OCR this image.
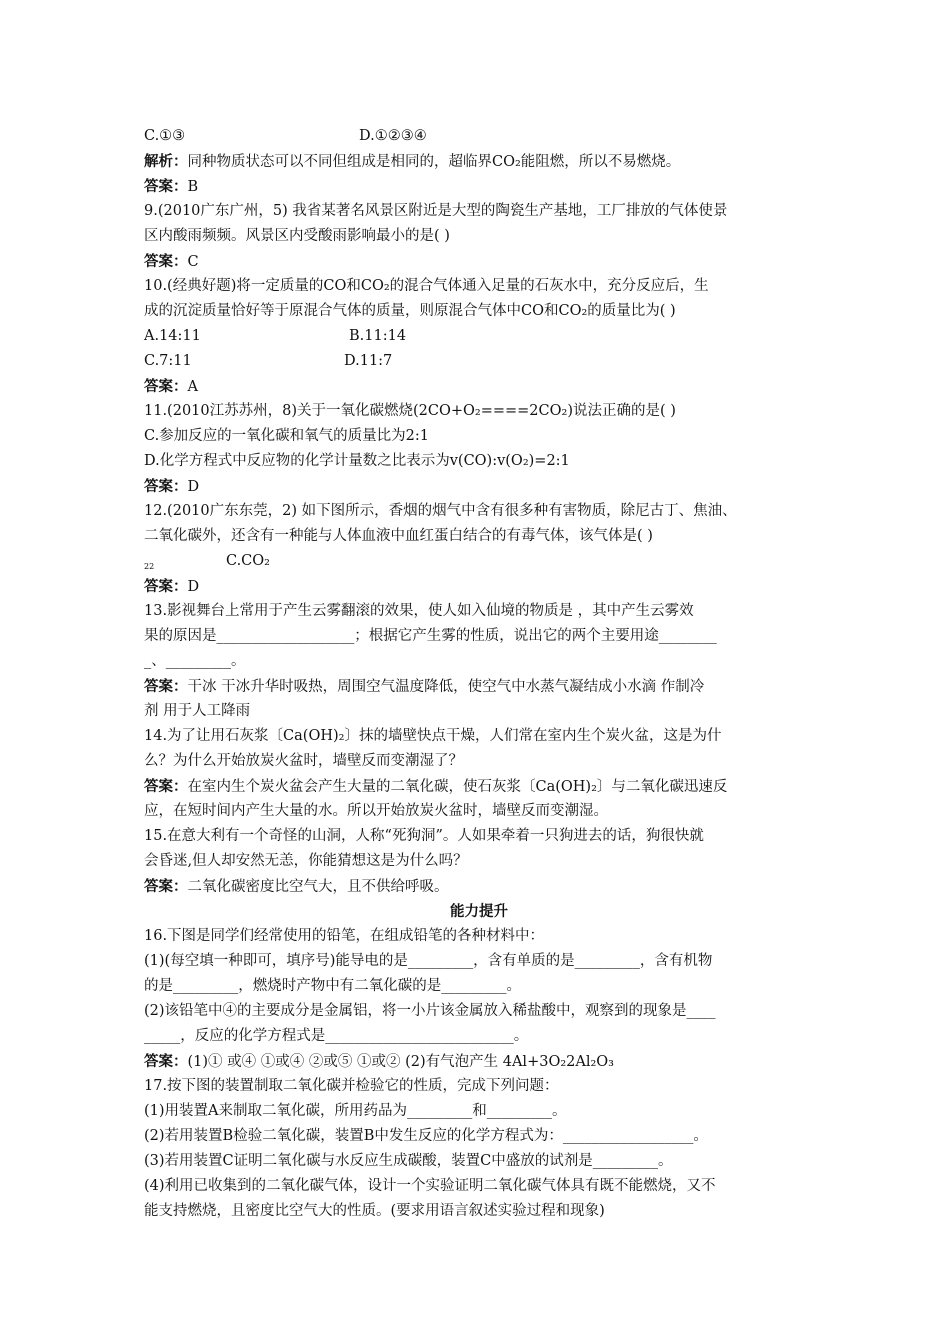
C.①③	D.①②③④
解析：同种物质状态可以不同但组成是相同的，超临界CO₂能阻燃，所以不易燃烧。
答案：B
9.(2010广东广州，5) 我省某著名风景区附近是大型的陶瓷生产基地，工厂排放的气体使景
区内酸雨频频。风景区内受酸雨影响最小的是( )
答案：C
10.(经典好题)将一定质量的CO和CO₂的混合气体通入足量的石灰水中，充分反应后，生
成的沉淀质量恰好等于原混合气体的质量，则原混合气体中CO和CO₂的质量比为( )
A.14:11	B.11:14
C.7:11	D.11:7
答案：A
11.(2010江苏苏州，8)关于一氧化碳燃烧(2CO+O₂====2CO₂)说法正确的是( )
C.参加反应的一氧化碳和氧气的质量比为2:1
D.化学方程式中反应物的化学计量数之比表示为v(CO):v(O₂)=2:1
答案：D
12.(2010广东东莞，2) 如下图所示，香烟的烟气中含有很多种有害物质，除尼古丁、焦油、
二氧化碳外，还含有一种能与人体血液中血红蛋白结合的有毒气体，该气体是( )
22	C.CO₂
答案：D
13.影视舞台上常用于产生云雾翻滚的效果，使人如入仙境的物质是 ，其中产生云雾效
果的原因是___________________；根据它产生雾的性质，说出它的两个主要用途________
_、_________。
答案：干冰 干冰升华时吸热，周围空气温度降低，使空气中水蒸气凝结成小水滴 作制冷
剂 用于人工降雨
14.为了让用石灰浆〔Ca(OH)₂〕抹的墙壁快点干燥，人们常在室内生个炭火盆，这是为什
么？为什么开始放炭火盆时，墙壁反而变潮湿了？
答案：在室内生个炭火盆会产生大量的二氧化碳，使石灰浆〔Ca(OH)₂〕与二氧化碳迅速反
应，在短时间内产生大量的水。所以开始放炭火盆时，墙壁反而变潮湿。
15.在意大利有一个奇怪的山洞，人称“死狗洞”。人如果牵着一只狗进去的话，狗很快就
会昏迷,但人却安然无恙，你能猜想这是为什么吗？
答案：二氧化碳密度比空气大，且不供给呼吸。
能力提升
16.下图是同学们经常使用的铅笔，在组成铅笔的各种材料中：
(1)(每空填一种即可，填序号)能导电的是_________，含有单质的是_________，含有机物
的是_________，燃烧时产物中有二氧化碳的是_________。
(2)该铅笔中④的主要成分是金属铝，将一小片该金属放入稀盐酸中，观察到的现象是____
_____，反应的化学方程式是__________________________。
答案：(1)① 或④ ①或④ ②或⑤ ①或② (2)有气泡产生 4Al+3O₂2Al₂O₃
17.按下图的装置制取二氧化碳并检验它的性质，完成下列问题：
(1)用装置A来制取二氧化碳，所用药品为_________和_________。
(2)若用装置B检验二氧化碳，装置B中发生反应的化学方程式为：__________________。
(3)若用装置C证明二氧化碳与水反应生成碳酸，装置C中盛放的试剂是_________。
(4)利用已收集到的二氧化碳气体，设计一个实验证明二氧化碳气体具有既不能燃烧，又不
能支持燃烧，且密度比空气大的性质。(要求用语言叙述实验过程和现象)
